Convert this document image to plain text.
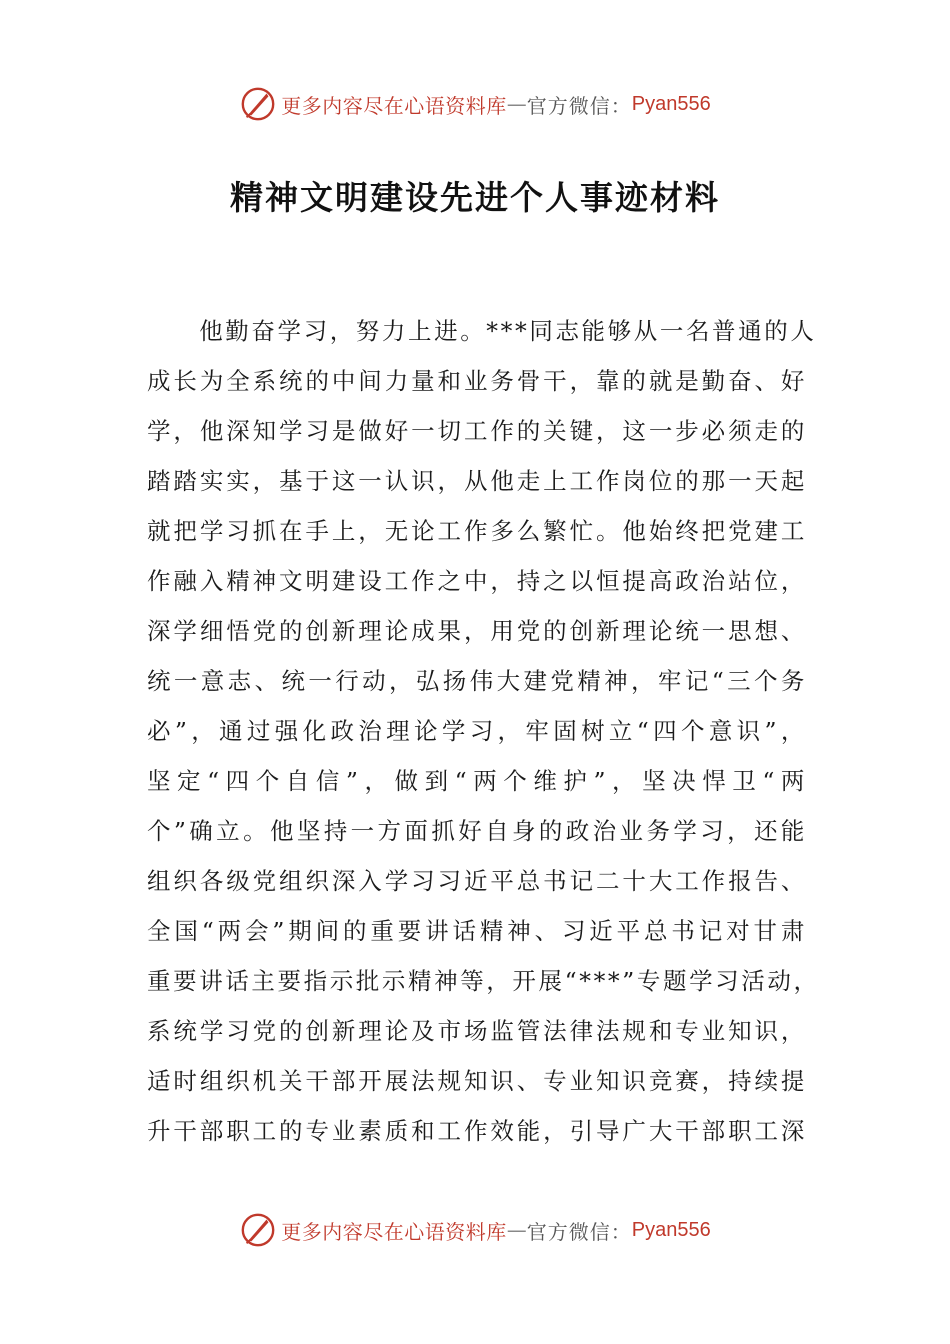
更多内容尽在心语资料库 — 官方微信： Pyan556
精神文明建设先进个人事迹材料
　　他勤奋学习，努力上进。***同志能够从一名普通的人
成长为全系统的中间力量和业务骨干，靠的就是勤奋、好
学，他深知学习是做好一切工作的关键，这一步必须走的
踏踏实实，基于这一认识，从他走上工作岗位的那一天起
就把学习抓在手上，无论工作多么繁忙。他始终把党建工
作融入精神文明建设工作之中，持之以恒提高政治站位，
深学细悟党的创新理论成果，用党的创新理论统一思想、
统一意志、统一行动，弘扬伟大建党精神，牢记“三个务
必”，通过强化政治理论学习，牢固树立“四个意识”，
坚定“四个自信”，做到“两个维护”，坚决悍卫“两
个”确立。他坚持一方面抓好自身的政治业务学习，还能
组织各级党组织深入学习习近平总书记二十大工作报告、
全国“两会”期间的重要讲话精神、习近平总书记对甘肃
重要讲话主要指示批示精神等，开展“***”专题学习活动，
系统学习党的创新理论及市场监管法律法规和专业知识，
适时组织机关干部开展法规知识、专业知识竞赛，持续提
升干部职工的专业素质和工作效能，引导广大干部职工深
更多内容尽在心语资料库 — 官方微信： Pyan556
